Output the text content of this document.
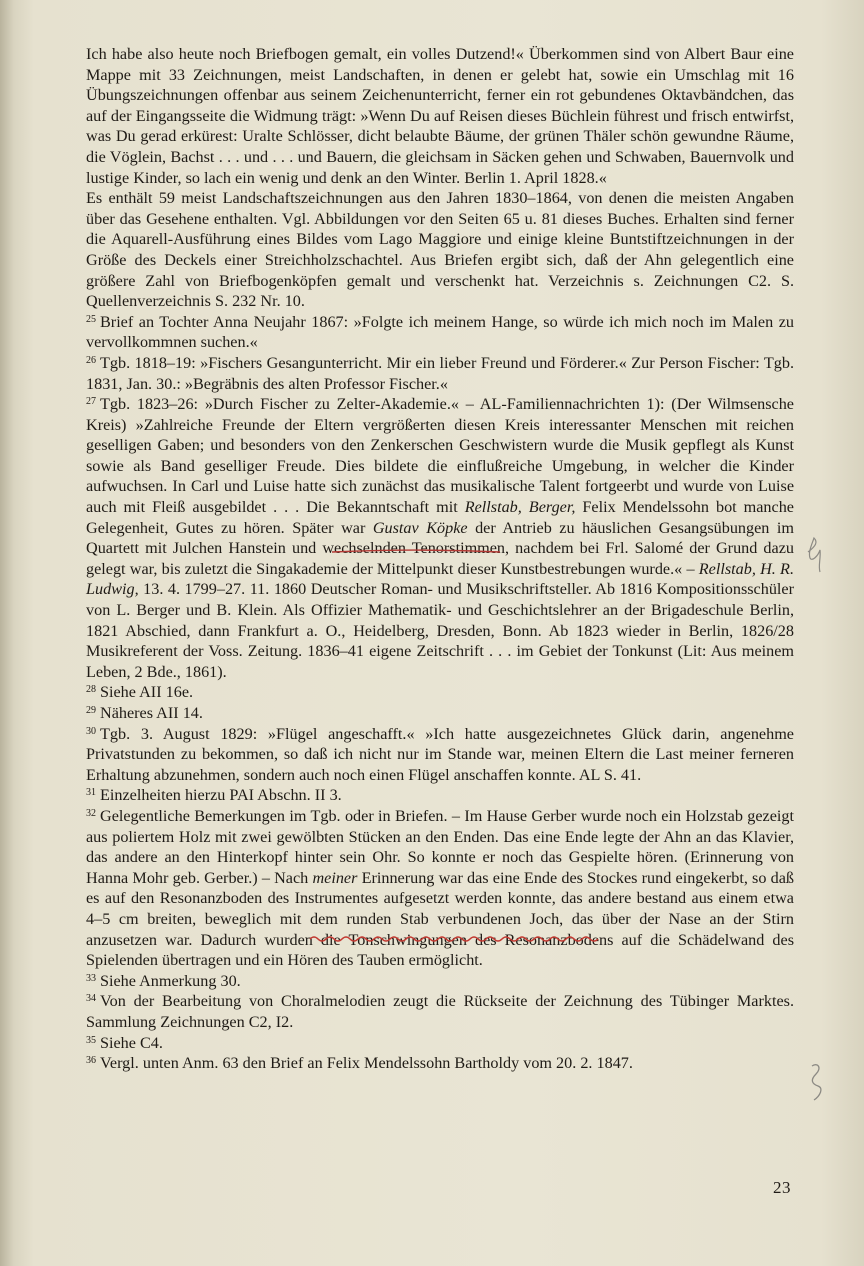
Ich habe also heute noch Briefbogen gemalt, ein volles Dutzend!« Überkommen sind von Albert Baur eine Mappe mit 33 Zeichnungen, meist Landschaften, in denen er gelebt hat, sowie ein Umschlag mit 16 Übungszeichnungen offenbar aus seinem Zeichenunterricht, ferner ein rot gebundenes Oktavbändchen, das auf der Eingangsseite die Widmung trägt: »Wenn Du auf Reisen dieses Büchlein führest und frisch entwirfst, was Du gerad erkürest: Uralte Schlösser, dicht belaubte Bäume, der grünen Thäler schön gewundne Räume, die Vöglein, Bachst . . . und . . . und Bauern, die gleichsam in Säcken gehen und Schwaben, Bauernvolk und lustige Kinder, so lach ein wenig und denk an den Winter. Berlin 1. April 1828.«

Es enthält 59 meist Landschaftszeichnungen aus den Jahren 1830–1864, von denen die meisten Angaben über das Gesehene enthalten. Vgl. Abbildungen vor den Seiten 65 u. 81 dieses Buches. Erhalten sind ferner die Aquarell-Ausführung eines Bildes vom Lago Maggiore und einige kleine Buntstiftzeichnungen in der Größe des Deckels einer Streichholzschachtel. Aus Briefen ergibt sich, daß der Ahn gelegentlich eine größere Zahl von Briefbogenköpfen gemalt und verschenkt hat. Verzeichnis s. Zeichnungen C2. S. Quellenverzeichnis S. 232 Nr. 10.

$^{25}$ Brief an Tochter Anna Neujahr 1867: »Folgte ich meinem Hange, so würde ich mich noch im Malen zu vervollkommnen suchen.«

$^{26}$ Tgb. 1818–19: »Fischers Gesangunterricht. Mir ein lieber Freund und Förderer.« Zur Person Fischer: Tgb. 1831, Jan. 30.: »Begräbnis des alten Professor Fischer.«

$^{27}$ Tgb. 1823–26: »Durch Fischer zu Zelter-Akademie.« – AL-Familiennachrichten 1): (Der Wilmsensche Kreis) »Zahlreiche Freunde der Eltern vergrößerten diesen Kreis interessanter Menschen mit reichen geselligen Gaben; und besonders von den Zenkerschen Geschwistern wurde die Musik gepflegt als Kunst sowie als Band geselliger Freude. Dies bildete die einflußreiche Umgebung, in welcher die Kinder aufwuchsen. In Carl und Luise hatte sich zunächst das musikalische Talent fortgeerbt und wurde von Luise auch mit Fleiß ausgebildet . . . Die Bekanntschaft mit Rellstab, Berger, Felix Mendelssohn bot manche Gelegenheit, Gutes zu hören. Später war Gustav Köpke der Antrieb zu häuslichen Gesangsübungen im Quartett mit Julchen Hanstein und wechselnden Tenorstimmen, nachdem bei Frl. Salomé der Grund dazu gelegt war, bis zuletzt die Singakademie der Mittelpunkt dieser Kunstbestrebungen wurde.« – Rellstab, H. R. Ludwig, 13. 4. 1799–27. 11. 1860 Deutscher Roman- und Musikschriftsteller. Ab 1816 Kompositionsschüler von L. Berger und B. Klein. Als Offizier Mathematik- und Geschichtslehrer an der Brigadeschule Berlin, 1821 Abschied, dann Frankfurt a. O., Heidelberg, Dresden, Bonn. Ab 1823 wieder in Berlin, 1826/28 Musikreferent der Voss. Zeitung. 1836–41 eigene Zeitschrift . . . im Gebiet der Tonkunst (Lit: Aus meinem Leben, 2 Bde., 1861).

$^{28}$ Siehe AII 16e.

$^{29}$ Näheres AII 14.

$^{30}$ Tgb. 3. August 1829: »Flügel angeschafft.« »Ich hatte ausgezeichnetes Glück darin, angenehme Privatstunden zu bekommen, so daß ich nicht nur im Stande war, meinen Eltern die Last meiner ferneren Erhaltung abzunehmen, sondern auch noch einen Flügel anschaffen konnte. AL S. 41.

$^{31}$ Einzelheiten hierzu PAI Abschn. II 3.

$^{32}$ Gelegentliche Bemerkungen im Tgb. oder in Briefen. – Im Hause Gerber wurde noch ein Holzstab gezeigt aus poliertem Holz mit zwei gewölbten Stücken an den Enden. Das eine Ende legte der Ahn an das Klavier, das andere an den Hinterkopf hinter sein Ohr. So konnte er noch das Gespielte hören. (Erinnerung von Hanna Mohr geb. Gerber.) – Nach meiner Erinnerung war das eine Ende des Stockes rund eingekerbt, so daß es auf den Resonanzboden des Instrumentes aufgesetzt werden konnte, das andere bestand aus einem etwa 4–5 cm breiten, beweglich mit dem runden Stab verbundenen Joch, das über der Nase an der Stirn anzusetzen war. Dadurch wurden die Tonschwingungen des Resonanzbodens auf die Schädelwand des Spielenden übertragen und ein Hören des Tauben ermöglicht.

$^{33}$ Siehe Anmerkung 30.

$^{34}$ Von der Bearbeitung von Choralmelodien zeugt die Rückseite der Zeichnung des Tübinger Marktes. Sammlung Zeichnungen C2, I2.

$^{35}$ Siehe C4.

$^{36}$ Vergl. unten Anm. 63 den Brief an Felix Mendelssohn Bartholdy vom 20. 2. 1847.

23
